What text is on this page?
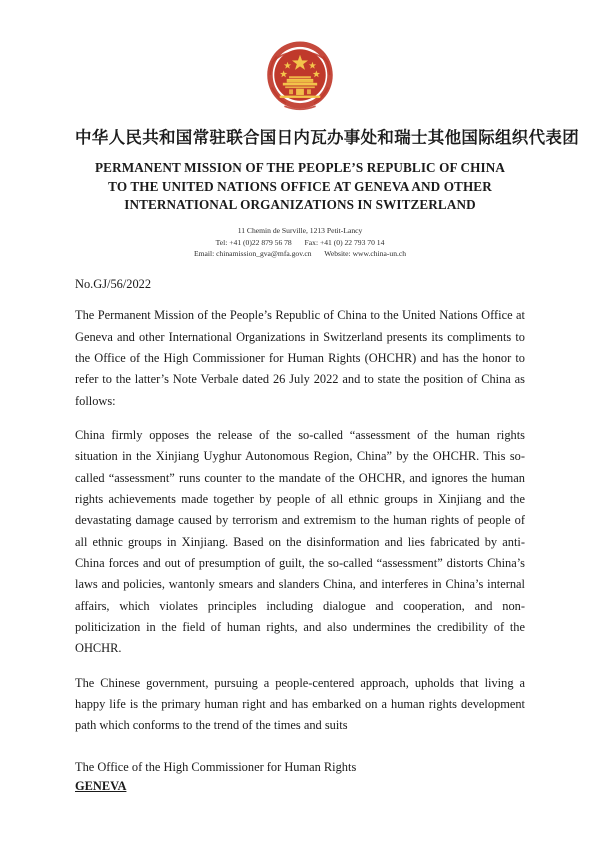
中华人民共和国常驻联合国日内瓦办事处和瑞士其他国际组织代表团
PERMANENT MISSION OF THE PEOPLE’S REPUBLIC OF CHINA
TO THE UNITED NATIONS OFFICE AT GENEVA AND OTHER
INTERNATIONAL ORGANIZATIONS IN SWITZERLAND
11 Chemin de Surville, 1213 Petit-Lancy
Tel: +41 (0)22 879 56 78 Fax: +41 (0) 22 793 70 14
Email: chinamission_gva@mfa.gov.cn Website: www.china-un.ch
No.GJ/56/2022

The Permanent Mission of the People’s Republic of China to the United Nations Office at Geneva and other International Organizations in Switzerland presents its compliments to the Office of the High Commissioner for Human Rights (OHCHR) and has the honor to refer to the latter’s Note Verbale dated 26 July 2022 and to state the position of China as follows:

China firmly opposes the release of the so-called “assessment of the human rights situation in the Xinjiang Uyghur Autonomous Region, China” by the OHCHR. This so-called “assessment” runs counter to the mandate of the OHCHR, and ignores the human rights achievements made together by people of all ethnic groups in Xinjiang and the devastating damage caused by terrorism and extremism to the human rights of people of all ethnic groups in Xinjiang. Based on the disinformation and lies fabricated by anti-China forces and out of presumption of guilt, the so-called “assessment” distorts China’s laws and policies, wantonly smears and slanders China, and interferes in China’s internal affairs, which violates principles including dialogue and cooperation, and non-politicization in the field of human rights, and also undermines the credibility of the OHCHR.

The Chinese government, pursuing a people-centered approach, upholds that living a happy life is the primary human right and has embarked on a human rights development path which conforms to the trend of the times and suits

The Office of the High Commissioner for Human Rights
GENEVA
